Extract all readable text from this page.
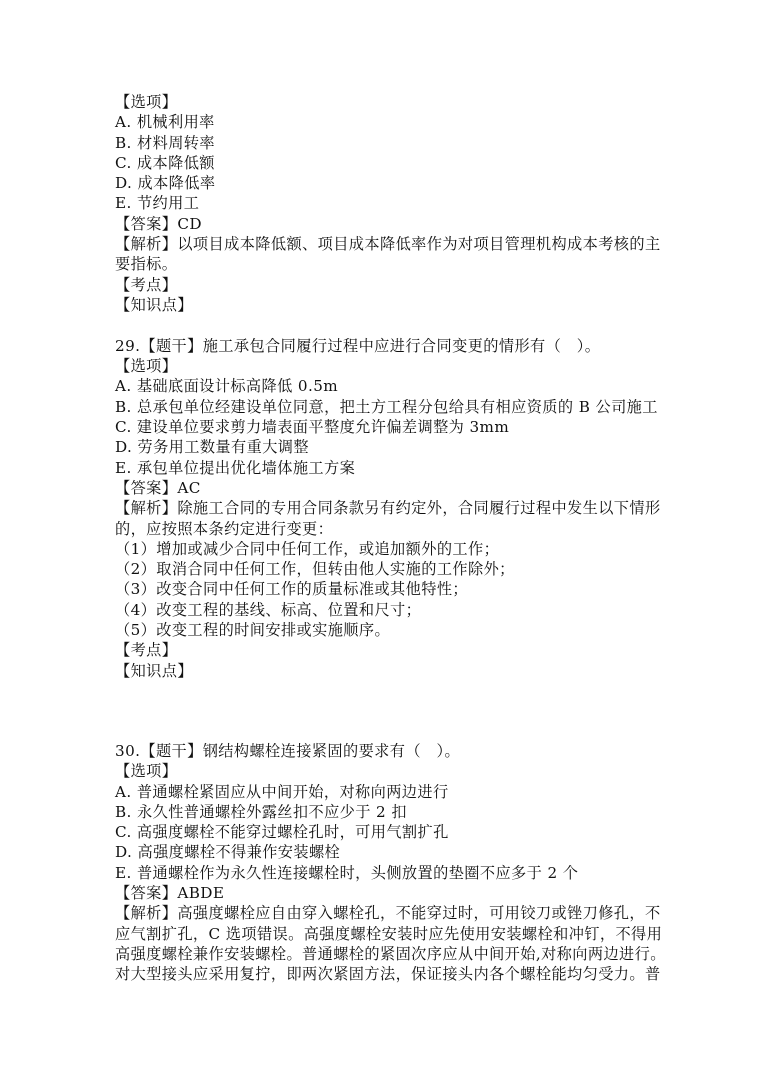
【选项】
A. 机械利用率
B. 材料周转率
C. 成本降低额
D. 成本降低率
E. 节约用工
【答案】CD
【解析】以项目成本降低额、项目成本降低率作为对项目管理机构成本考核的主
要指标。
【考点】
【知识点】
29.【题干】施工承包合同履行过程中应进行合同变更的情形有（　）。
【选项】
A. 基础底面设计标高降低 0.5m
B. 总承包单位经建设单位同意，把土方工程分包给具有相应资质的 B 公司施工
C. 建设单位要求剪力墙表面平整度允许偏差调整为 3mm
D. 劳务用工数量有重大调整
E. 承包单位提出优化墙体施工方案
【答案】AC
【解析】除施工合同的专用合同条款另有约定外，合同履行过程中发生以下情形
的，应按照本条约定进行变更：
（1）增加或减少合同中任何工作，或追加额外的工作；
（2）取消合同中任何工作，但转由他人实施的工作除外；
（3）改变合同中任何工作的质量标准或其他特性；
（4）改变工程的基线、标高、位置和尺寸；
（5）改变工程的时间安排或实施顺序。
【考点】
【知识点】
30.【题干】钢结构螺栓连接紧固的要求有（　）。
【选项】
A. 普通螺栓紧固应从中间开始，对称向两边进行
B. 永久性普通螺栓外露丝扣不应少于 2 扣
C. 高强度螺栓不能穿过螺栓孔时，可用气割扩孔
D. 高强度螺栓不得兼作安装螺栓
E. 普通螺栓作为永久性连接螺栓时，头侧放置的垫圈不应多于 2 个
【答案】ABDE
【解析】高强度螺栓应自由穿入螺栓孔，不能穿过时，可用铰刀或锉刀修孔，不
应气割扩孔，C 选项错误。高强度螺栓安装时应先使用安装螺栓和冲钉，不得用
高强度螺栓兼作安装螺栓。普通螺栓的紧固次序应从中间开始,对称向两边进行。
对大型接头应采用复拧，即两次紧固方法，保证接头内各个螺栓能均匀受力。普
